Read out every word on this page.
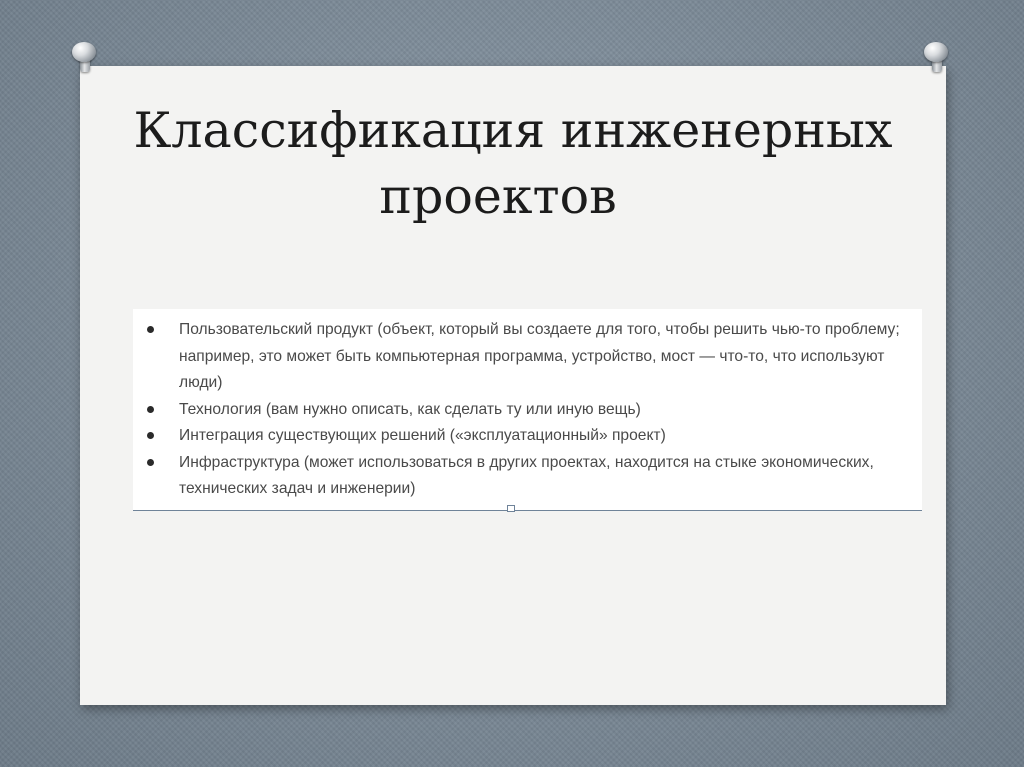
Классификация инженерных
проектов
Пользовательский продукт (объект, который вы создаете для того, чтобы решить чью-то проблему; например, это может быть компьютерная программа, устройство, мост — что-то, что используют люди)
Технология (вам нужно описать, как сделать ту или иную вещь)
Интеграция существующих решений («эксплуатационный» проект)
Инфраструктура (может использоваться в других проектах, находится на стыке экономических, технических задач и инженерии)
